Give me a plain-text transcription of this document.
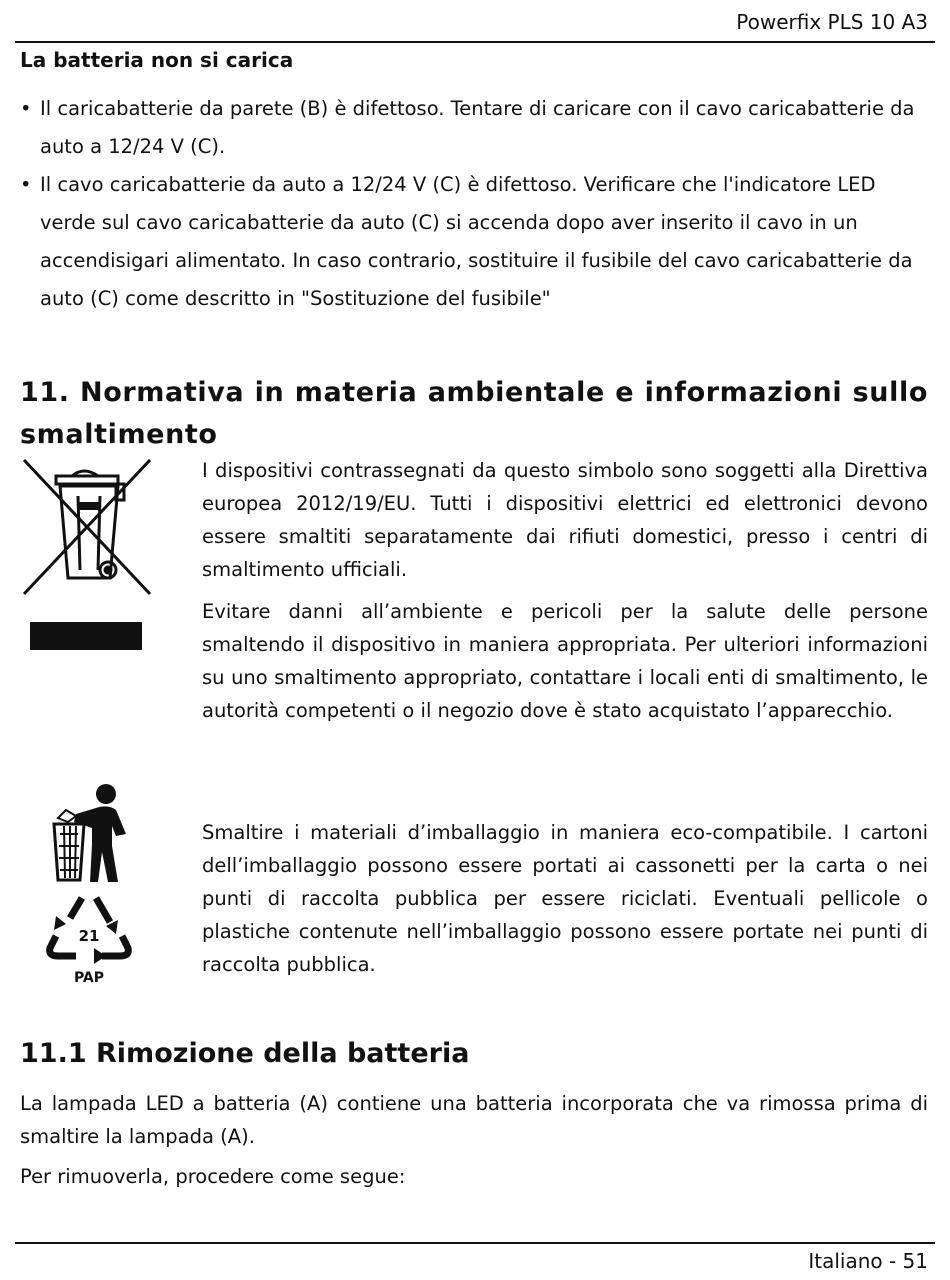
Powerfix PLS 10 A3
La batteria non si carica
• Il caricabatterie da parete (B) è difettoso. Tentare di caricare con il cavo caricabatterie da auto a 12/24 V (C).
• Il cavo caricabatterie da auto a 12/24 V (C) è difettoso. Verificare che l'indicatore LED verde sul cavo caricabatterie da auto (C) si accenda dopo aver inserito il cavo in un accendisigari alimentato. In caso contrario, sostituire il fusibile del cavo caricabatterie da auto (C) come descritto in "Sostituzione del fusibile"
11. Normativa in materia ambientale e informazioni sullo smaltimento

I dispositivi contrassegnati da questo simbolo sono soggetti alla Direttiva europea 2012/19/EU. Tutti i dispositivi elettrici ed elettronici devono essere smaltiti separatamente dai rifiuti domestici, presso i centri di smaltimento ufficiali.

Evitare danni all’ambiente e pericoli per la salute delle persone smaltendo il dispositivo in maniera appropriata. Per ulteriori informazioni su uno smaltimento appropriato, contattare i locali enti di smaltimento, le autorità competenti o il negozio dove è stato acquistato l’apparecchio.

21
PAP

Smaltire i materiali d’imballaggio in maniera eco-compatibile. I cartoni dell’imballaggio possono essere portati ai cassonetti per la carta o nei punti di raccolta pubblica per essere riciclati. Eventuali pellicole o plastiche contenute nell’imballaggio possono essere portate nei punti di raccolta pubblica.

11.1 Rimozione della batteria

La lampada LED a batteria (A) contiene una batteria incorporata che va rimossa prima di smaltire la lampada (A).

Per rimuoverla, procedere come segue:

Italiano - 51
